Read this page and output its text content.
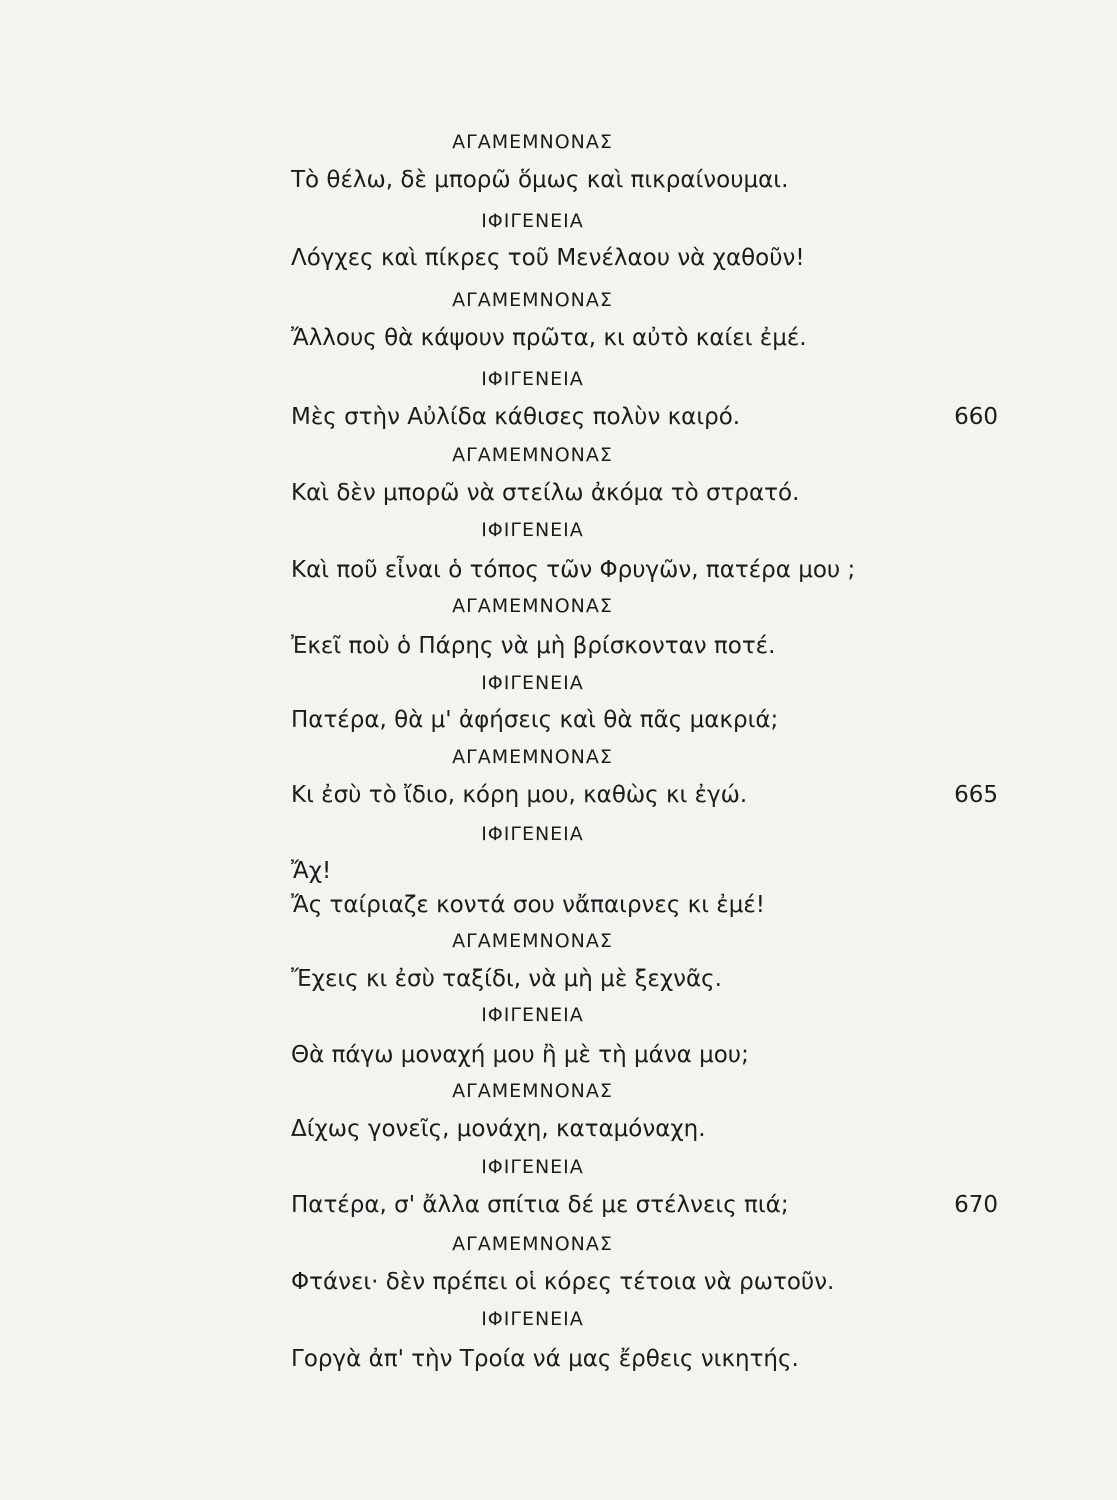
ΑΓΑΜΕΜΝΟΝΑΣ
Τὸ θέλω, δὲ μπορῶ ὅμως καὶ πικραίνουμαι.
ΙΦΙΓΕΝΕΙΑ
Λόγχες καὶ πίκρες τοῦ Μενέλαου νὰ χαθοῦν!
ΑΓΑΜΕΜΝΟΝΑΣ
Ἄλλους θὰ κάψουν πρῶτα, κι αὐτὸ καίει ἐμέ.
ΙΦΙΓΕΝΕΙΑ
Μὲς στὴν Αὐλίδα κάθισες πολὺν καιρό.	660
ΑΓΑΜΕΜΝΟΝΑΣ
Καὶ δὲν μπορῶ νὰ στείλω ἀκόμα τὸ στρατό.
ΙΦΙΓΕΝΕΙΑ
Καὶ ποῦ εἶναι ὁ τόπος τῶν Φρυγῶν, πατέρα μου ;
ΑΓΑΜΕΜΝΟΝΑΣ
Ἐκεῖ ποὺ ὁ Πάρης νὰ μὴ βρίσκονταν ποτέ.
ΙΦΙΓΕΝΕΙΑ
Πατέρα, θὰ μ' ἀφήσεις καὶ θὰ πᾶς μακριά;
ΑΓΑΜΕΜΝΟΝΑΣ
Κι ἐσὺ τὸ ἴδιο, κόρη μου, καθὼς κι ἐγώ.	665
ΙΦΙΓΕΝΕΙΑ
Ἄχ!
Ἄς ταίριαζε κοντά σου νἄπαιρνες κι ἐμέ!
ΑΓΑΜΕΜΝΟΝΑΣ
Ἔχεις κι ἐσὺ ταξίδι, νὰ μὴ μὲ ξεχνᾶς.
ΙΦΙΓΕΝΕΙΑ
Θὰ πάγω μοναχή μου ἢ μὲ τὴ μάνα μου;
ΑΓΑΜΕΜΝΟΝΑΣ
Δίχως γονεῖς, μονάχη, καταμόναχη.
ΙΦΙΓΕΝΕΙΑ
Πατέρα, σ' ἄλλα σπίτια δέ με στέλνεις πιά;	670
ΑΓΑΜΕΜΝΟΝΑΣ
Φτάνει· δὲν πρέπει οἱ κόρες τέτοια νὰ ρωτοῦν.
ΙΦΙΓΕΝΕΙΑ
Γοργὰ ἀπ' τὴν Τροία νά μας ἔρθεις νικητής.
